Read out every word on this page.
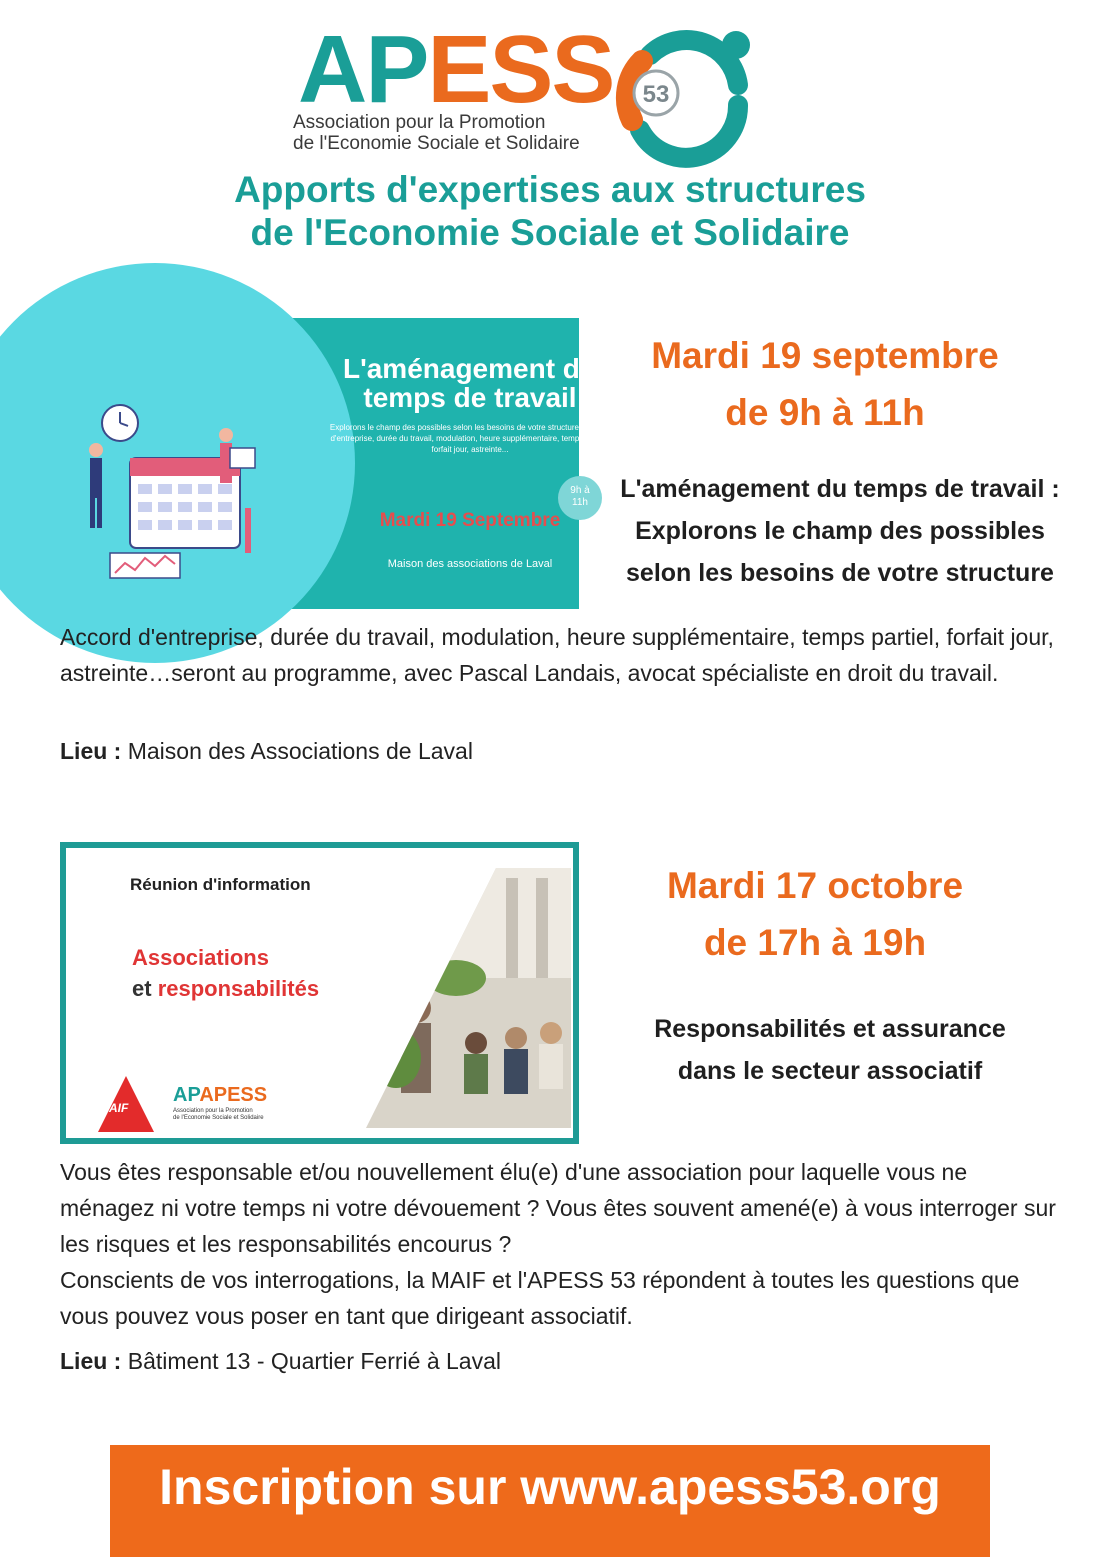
APESS
Association pour la Promotion
de l'Economie Sociale et Solidaire
53
Apports d'expertises aux structures
de l'Economie Sociale et Solidaire
L'aménagement du
temps de travail
Explorons le champ des possibles selon les besoins de votre structure : Accord d'entreprise, durée du travail, modulation, heure supplémentaire, temps partiel, forfait jour, astreinte...
9h à
11h
Mardi 19 Septembre
Maison des associations de Laval
Mardi 19 septembre
de 9h à 11h
L'aménagement du temps de travail :
Explorons le champ des possibles
selon les besoins de votre structure
Accord d'entreprise, durée du travail, modulation, heure supplémentaire, temps partiel, forfait jour, astreinte…seront au programme, avec Pascal Landais, avocat spécialiste en droit du travail.
Lieu : Maison des Associations de Laval
Réunion d'information
Associations
et responsabilités
MAIF
APAPESS
Association pour la Promotion
de l'Economie Sociale et Solidaire
Mardi 17 octobre
de 17h à 19h
Responsabilités et assurance
dans le secteur associatif
Vous êtes responsable et/ou nouvellement élu(e) d'une association pour laquelle vous ne ménagez ni votre temps ni votre dévouement ? Vous êtes souvent amené(e) à vous interroger sur les risques et les responsabilités encourus ?
Conscients de vos interrogations, la MAIF et l'APESS 53 répondent à toutes les questions que vous pouvez vous poser en tant que dirigeant associatif.
Lieu : Bâtiment 13 - Quartier Ferrié à Laval
Inscription sur www.apess53.org
